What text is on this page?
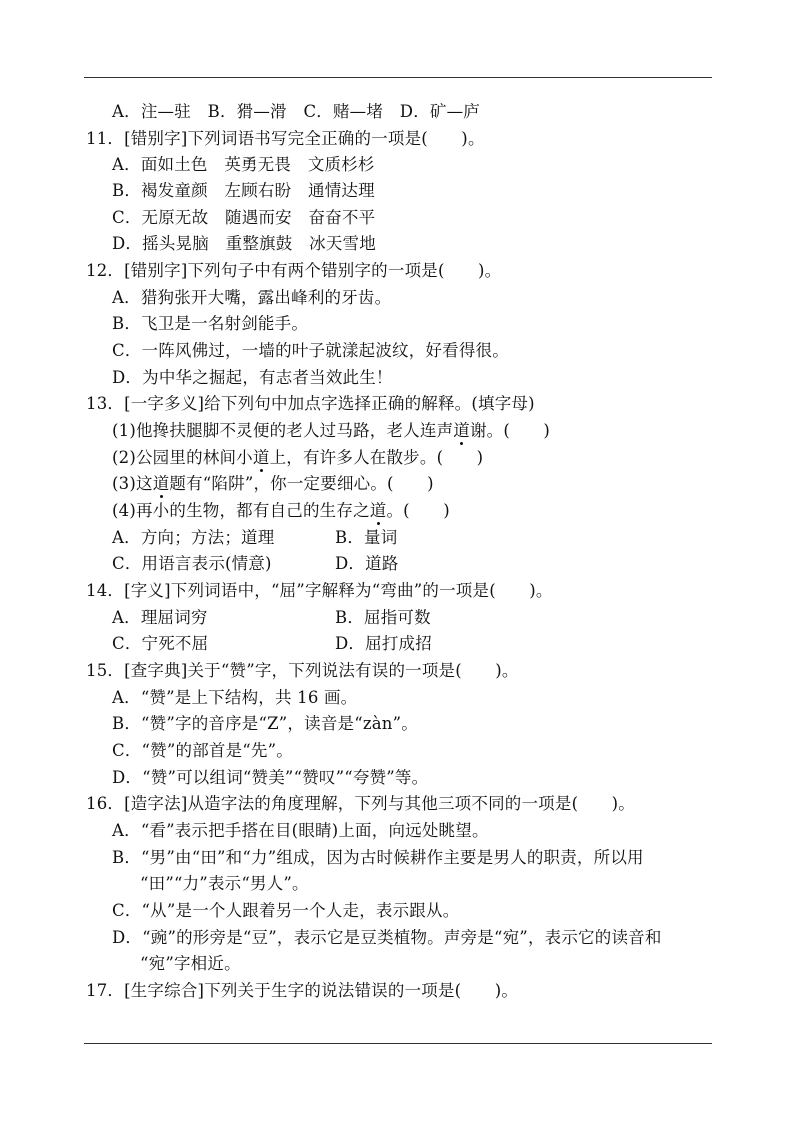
A．注—驻　B．猾—滑　C．赌—堵　D．矿—庐
11．[错别字]下列词语书写完全正确的一项是(　　)。
A．面如土色　英勇无畏　文质杉杉
B．褐发童颜　左顾右盼　通情达理
C．无原无故　随遇而安　奋奋不平
D．摇头晃脑　重整旗鼓　冰天雪地
12．[错别字]下列句子中有两个错别字的一项是(　　)。
A．猎狗张开大嘴，露出峰利的牙齿。
B．飞卫是一名射剑能手。
C．一阵风佛过，一墙的叶子就漾起波纹，好看得很。
D．为中华之掘起，有志者当效此生！
13．[一字多义]给下列句中加点字选择正确的解释。(填字母)
(1)他搀扶腿脚不灵便的老人过马路，老人连声道谢。(　　)
(2)公园里的林间小道上，有许多人在散步。(　　)
(3)这道题有“陷阱”，你一定要细心。(　　)
(4)再小的生物，都有自己的生存之道。(　　)
A．方向；方法；道理	B．量词
C．用语言表示(情意)	D．道路
14．[字义]下列词语中，“屈”字解释为“弯曲”的一项是(　　)。
A．理屈词穷	B．屈指可数
C．宁死不屈	D．屈打成招
15．[查字典]关于“赞”字，下列说法有误的一项是(　　)。
A．“赞”是上下结构，共 16 画。
B．“赞”字的音序是“Z”，读音是“zàn”。
C．“赞”的部首是“先”。
D．“赞”可以组词“赞美”“赞叹”“夸赞”等。
16．[造字法]从造字法的角度理解，下列与其他三项不同的一项是(　　)。
A．“看”表示把手搭在目(眼睛)上面，向远处眺望。
B．“男”由“田”和“力”组成，因为古时候耕作主要是男人的职责，所以用
“田”“力”表示“男人”。
C．“从”是一个人跟着另一个人走，表示跟从。
D．“豌”的形旁是“豆”，表示它是豆类植物。声旁是“宛”，表示它的读音和
“宛”字相近。
17．[生字综合]下列关于生字的说法错误的一项是(　　)。
